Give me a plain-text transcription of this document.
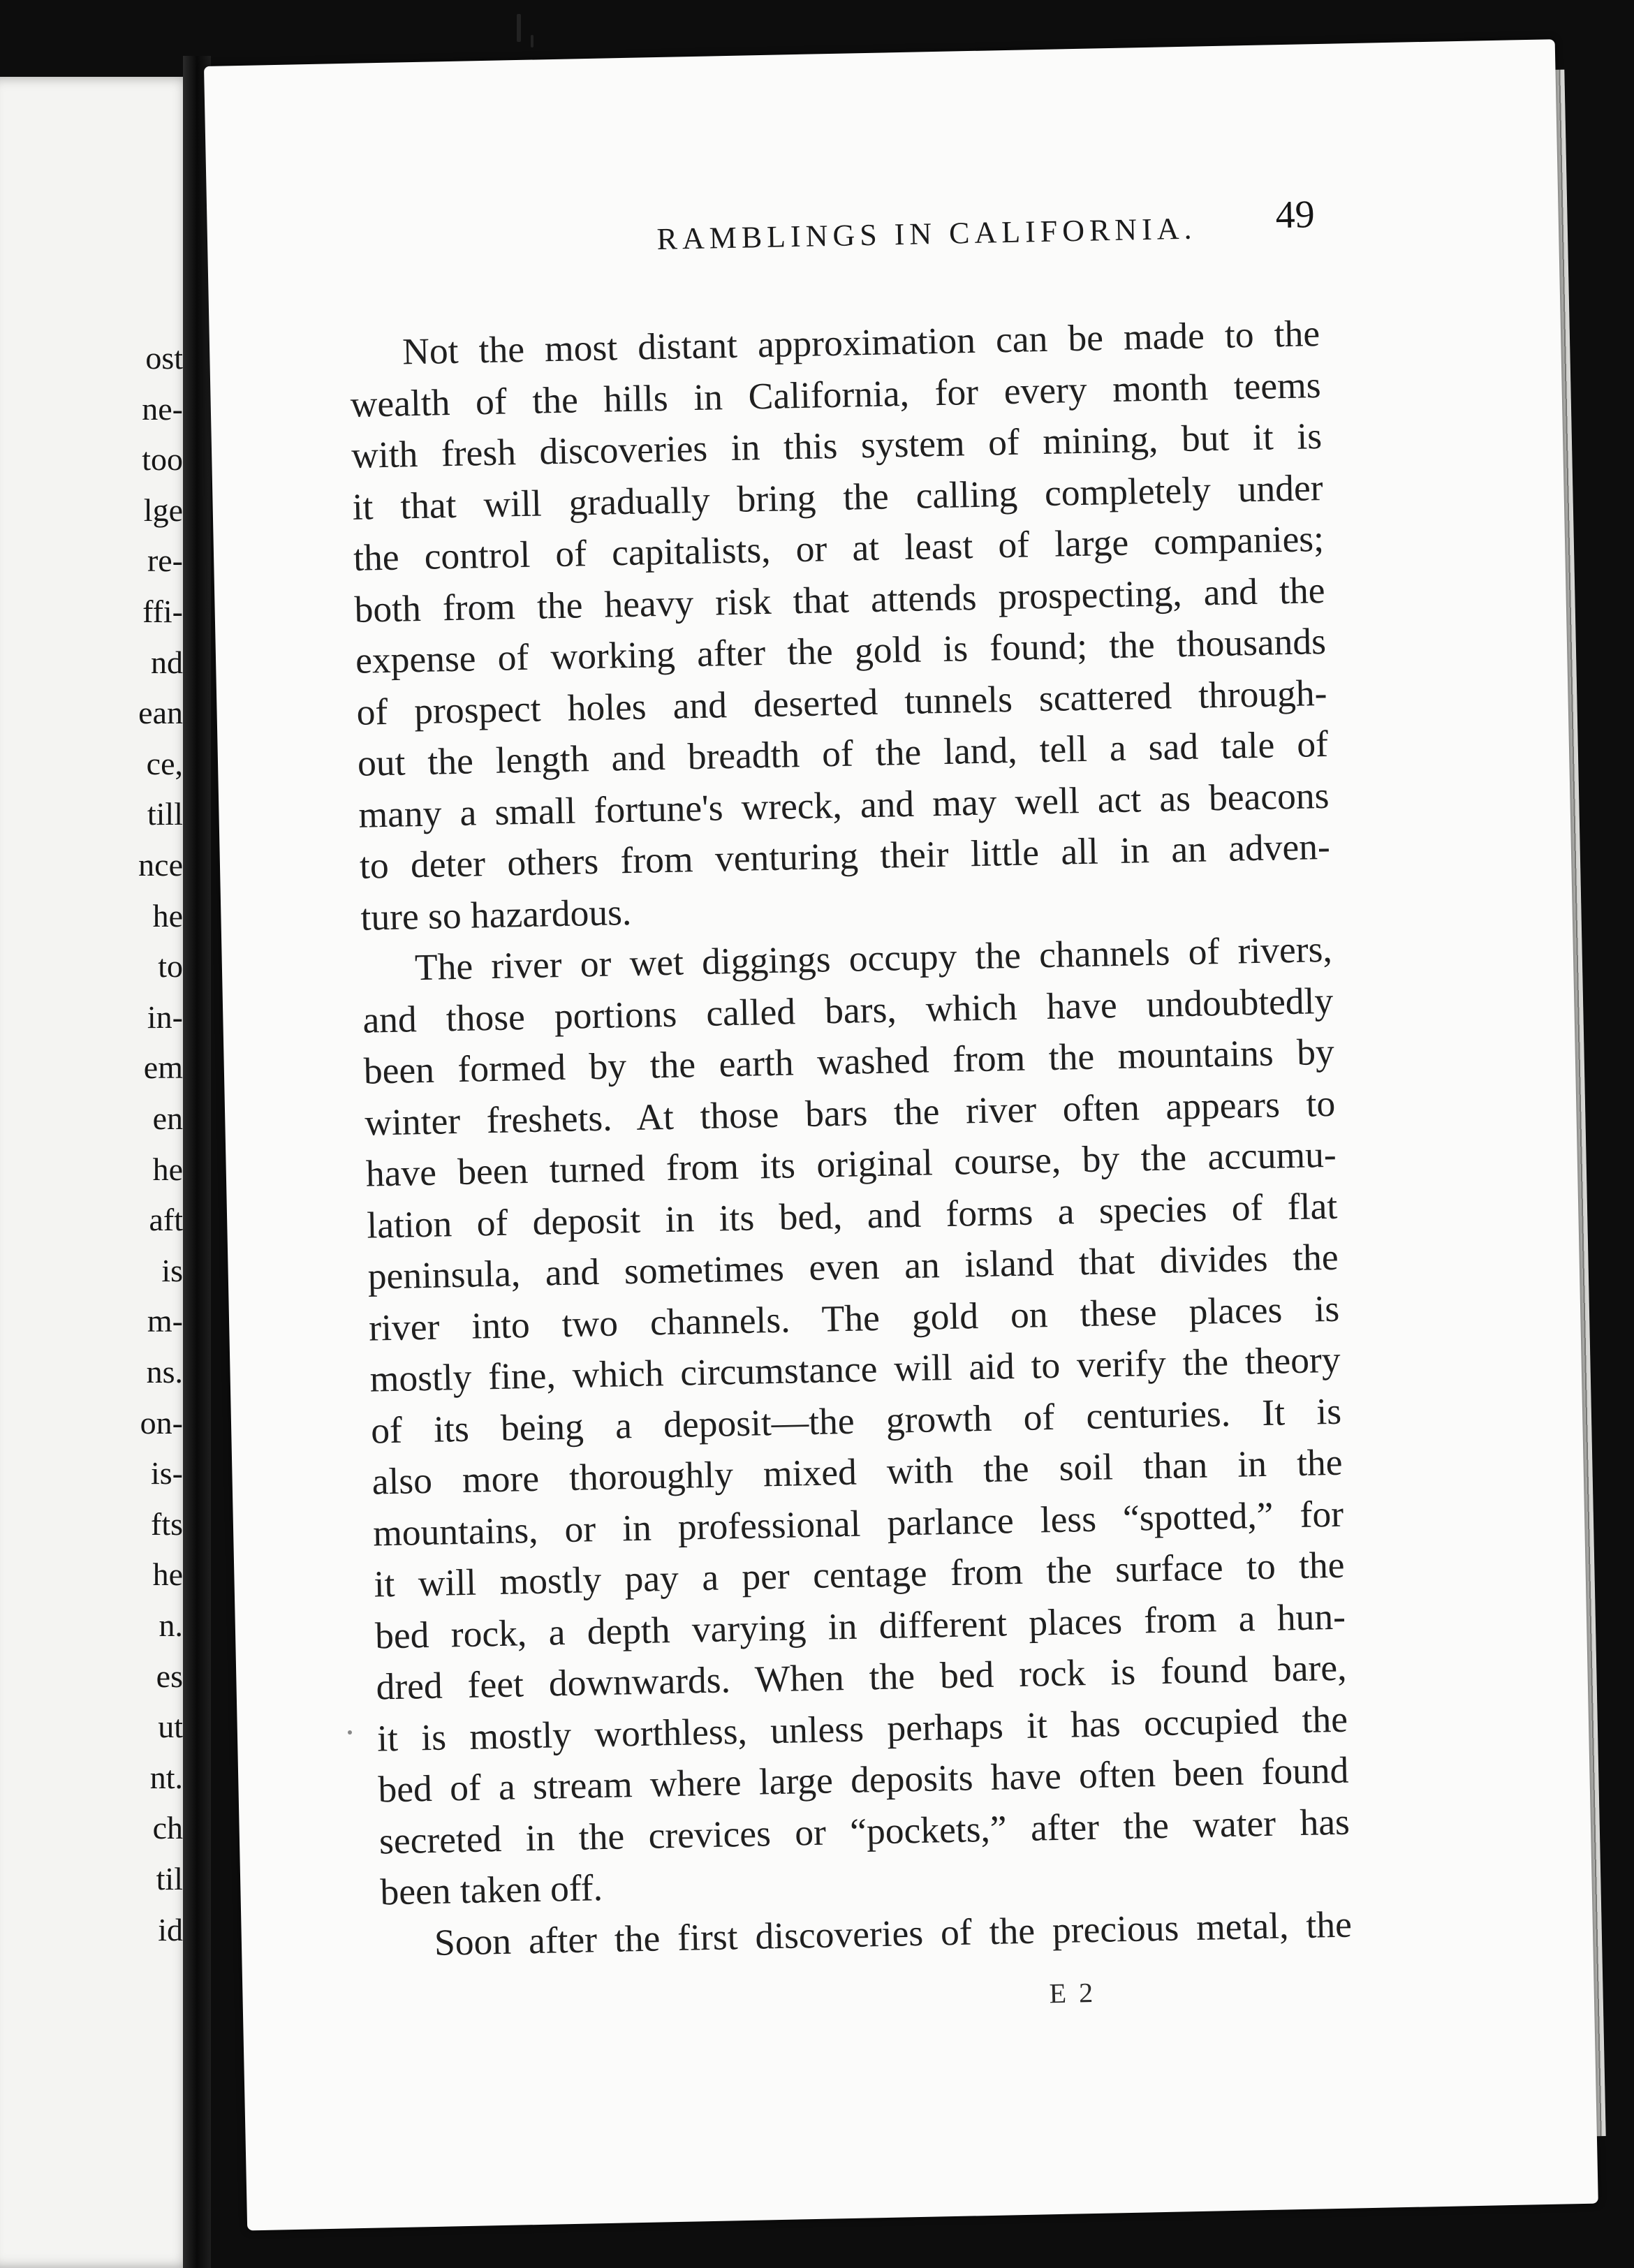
ost
ne-
too
lge
re-
ffi-
nd
ean
ce,
till
nce
he
to
in-
em
en
he
aft
is
m-
ns.
on-
is-
fts
he
n.
es
ut
nt.
ch
til
id
RAMBLINGS IN CALIFORNIA.	49
Not the most distant approximation can be made to the
wealth of the hills in California, for every month teems
with fresh discoveries in this system of mining, but it is
it that will gradually bring the calling completely under
the control of capitalists, or at least of large companies;
both from the heavy risk that attends prospecting, and the
expense of working after the gold is found; the thousands
of prospect holes and deserted tunnels scattered through-
out the length and breadth of the land, tell a sad tale of
many a small fortune's wreck, and may well act as beacons
to deter others from venturing their little all in an adven-
ture so hazardous.
The river or wet diggings occupy the channels of rivers,
and those portions called bars, which have undoubtedly
been formed by the earth washed from the mountains by
winter freshets. At those bars the river often appears to
have been turned from its original course, by the accumu-
lation of deposit in its bed, and forms a species of flat
peninsula, and sometimes even an island that divides the
river into two channels. The gold on these places is
mostly fine, which circumstance will aid to verify the theory
of its being a deposit—the growth of centuries. It is
also more thoroughly mixed with the soil than in the
mountains, or in professional parlance less “spotted,” for
it will mostly pay a per centage from the surface to the
bed rock, a depth varying in different places from a hun-
dred feet downwards. When the bed rock is found bare,
it is mostly worthless, unless perhaps it has occupied the
bed of a stream where large deposits have often been found
secreted in the crevices or “pockets,” after the water has
been taken off.
Soon after the first discoveries of the precious metal, the
E 2
